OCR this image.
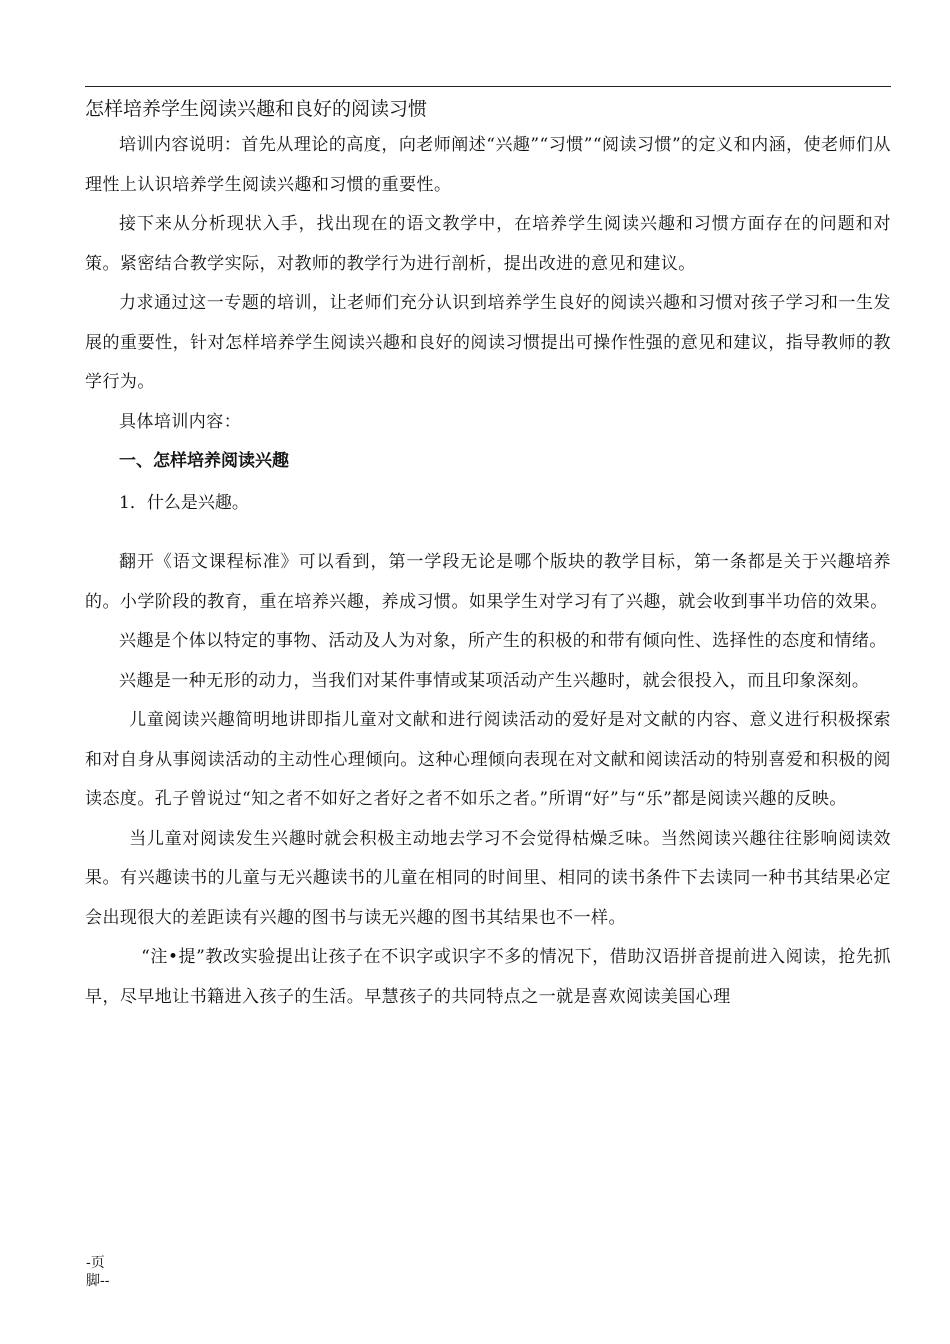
怎样培养学生阅读兴趣和良好的阅读习惯

培训内容说明：首先从理论的高度，向老师阐述“兴趣”“习惯”“阅读习惯”的定义和内涵，使老师们从理性上认识培养学生阅读兴趣和习惯的重要性。

接下来从分析现状入手，找出现在的语文教学中，在培养学生阅读兴趣和习惯方面存在的问题和对策。紧密结合教学实际，对教师的教学行为进行剖析，提出改进的意见和建议。

力求通过这一专题的培训，让老师们充分认识到培养学生良好的阅读兴趣和习惯对孩子学习和一生发展的重要性，针对怎样培养学生阅读兴趣和良好的阅读习惯提出可操作性强的意见和建议，指导教师的教学行为。

具体培训内容：

一、怎样培养阅读兴趣

1．什么是兴趣。

翻开《语文课程标准》可以看到，第一学段无论是哪个版块的教学目标，第一条都是关于兴趣培养的。小学阶段的教育，重在培养兴趣，养成习惯。如果学生对学习有了兴趣，就会收到事半功倍的效果。

兴趣是个体以特定的事物、活动及人为对象，所产生的积极的和带有倾向性、选择性的态度和情绪。

兴趣是一种无形的动力，当我们对某件事情或某项活动产生兴趣时，就会很投入，而且印象深刻。

儿童阅读兴趣简明地讲即指儿童对文献和进行阅读活动的爱好是对文献的内容、意义进行积极探索和对自身从事阅读活动的主动性心理倾向。这种心理倾向表现在对文献和阅读活动的特别喜爱和积极的阅读态度。孔子曾说过“知之者不如好之者好之者不如乐之者。”所谓“好”与“乐”都是阅读兴趣的反映。

当儿童对阅读发生兴趣时就会积极主动地去学习不会觉得枯燥乏味。当然阅读兴趣往往影响阅读效果。有兴趣读书的儿童与无兴趣读书的儿童在相同的时间里、相同的读书条件下去读同一种书其结果必定会出现很大的差距读有兴趣的图书与读无兴趣的图书其结果也不一样。

“注•提”教改实验提出让孩子在不识字或识字不多的情况下，借助汉语拼音提前进入阅读，抢先抓早，尽早地让书籍进入孩子的生活。早慧孩子的共同特点之一就是喜欢阅读美国心理

-页
脚--
